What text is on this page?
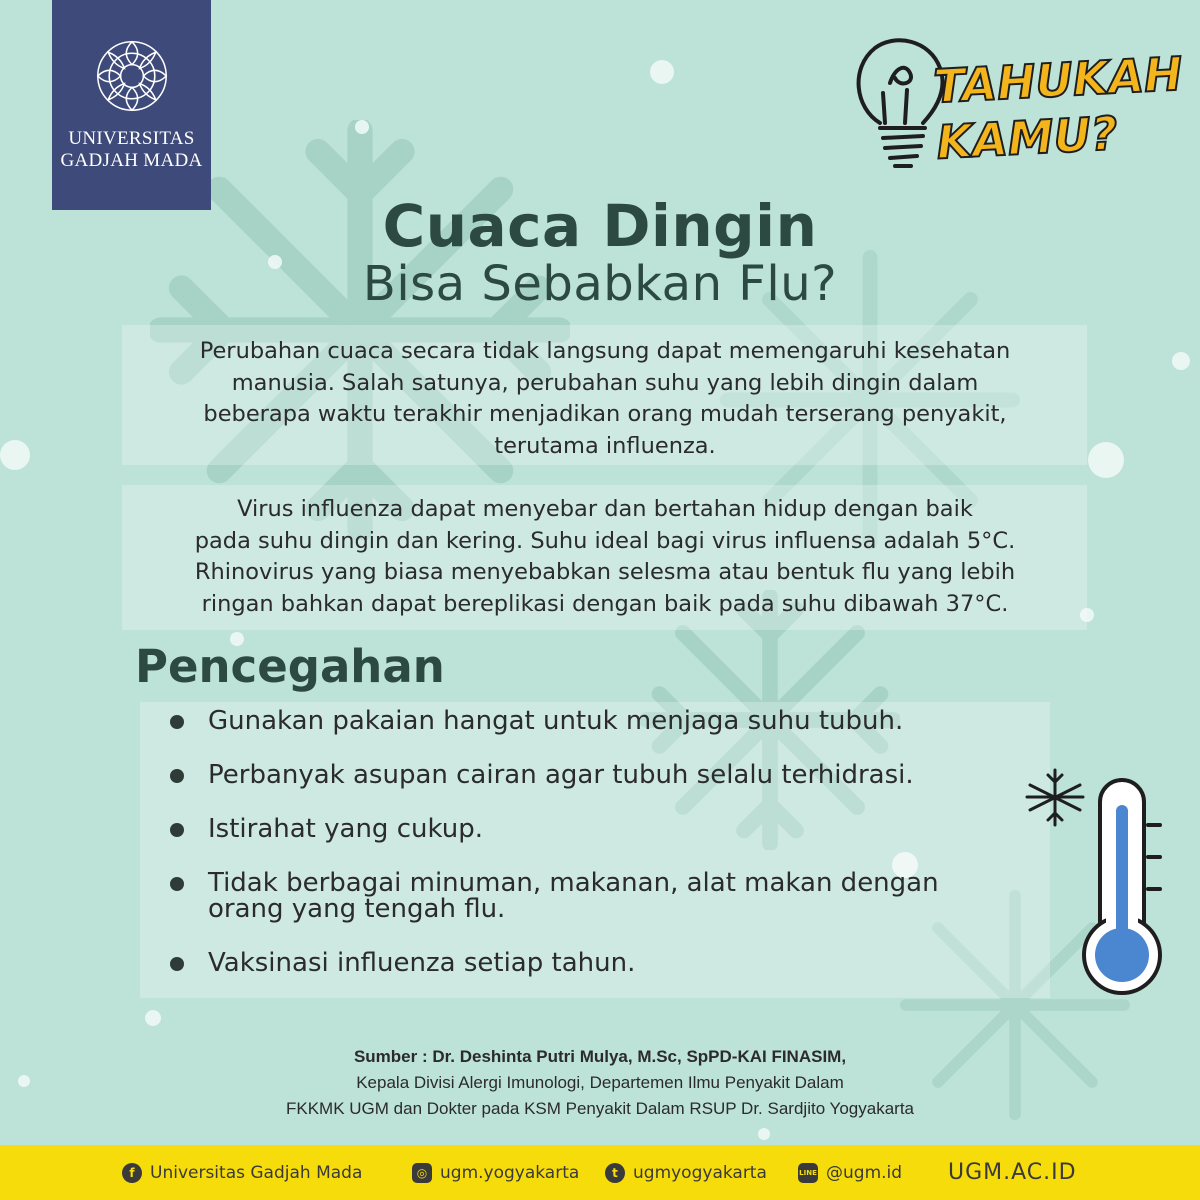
UNIVERSITAS
GADJAH MADA
TAHUKAH
KAMU?
Cuaca Dingin
Bisa Sebabkan Flu?
Perubahan cuaca secara tidak langsung dapat memengaruhi kesehatan
manusia. Salah satunya, perubahan suhu yang lebih dingin dalam
beberapa waktu terakhir menjadikan orang mudah terserang penyakit,
terutama influenza.
Virus influenza dapat menyebar dan bertahan hidup dengan baik
pada suhu dingin dan kering. Suhu ideal bagi virus influensa adalah 5°C.
Rhinovirus yang biasa menyebabkan selesma atau bentuk flu yang lebih
ringan bahkan dapat bereplikasi dengan baik pada suhu dibawah 37°C.
Pencegahan
Gunakan pakaian hangat untuk menjaga suhu tubuh.
Perbanyak asupan cairan agar tubuh selalu terhidrasi.
Istirahat yang cukup.
Tidak berbagai minuman, makanan, alat makan dengan
orang yang tengah flu.
Vaksinasi influenza setiap tahun.
Sumber : Dr. Deshinta Putri Mulya, M.Sc, SpPD-KAI FINASIM,
Kepala Divisi Alergi Imunologi, Departemen Ilmu Penyakit Dalam
FKKMK UGM dan Dokter pada KSM Penyakit Dalam RSUP Dr. Sardjito Yogyakarta
f Universitas Gadjah Mada	◎ ugm.yogyakarta	t ugmyogyakarta	LINE @ugm.id UGM.AC.ID
